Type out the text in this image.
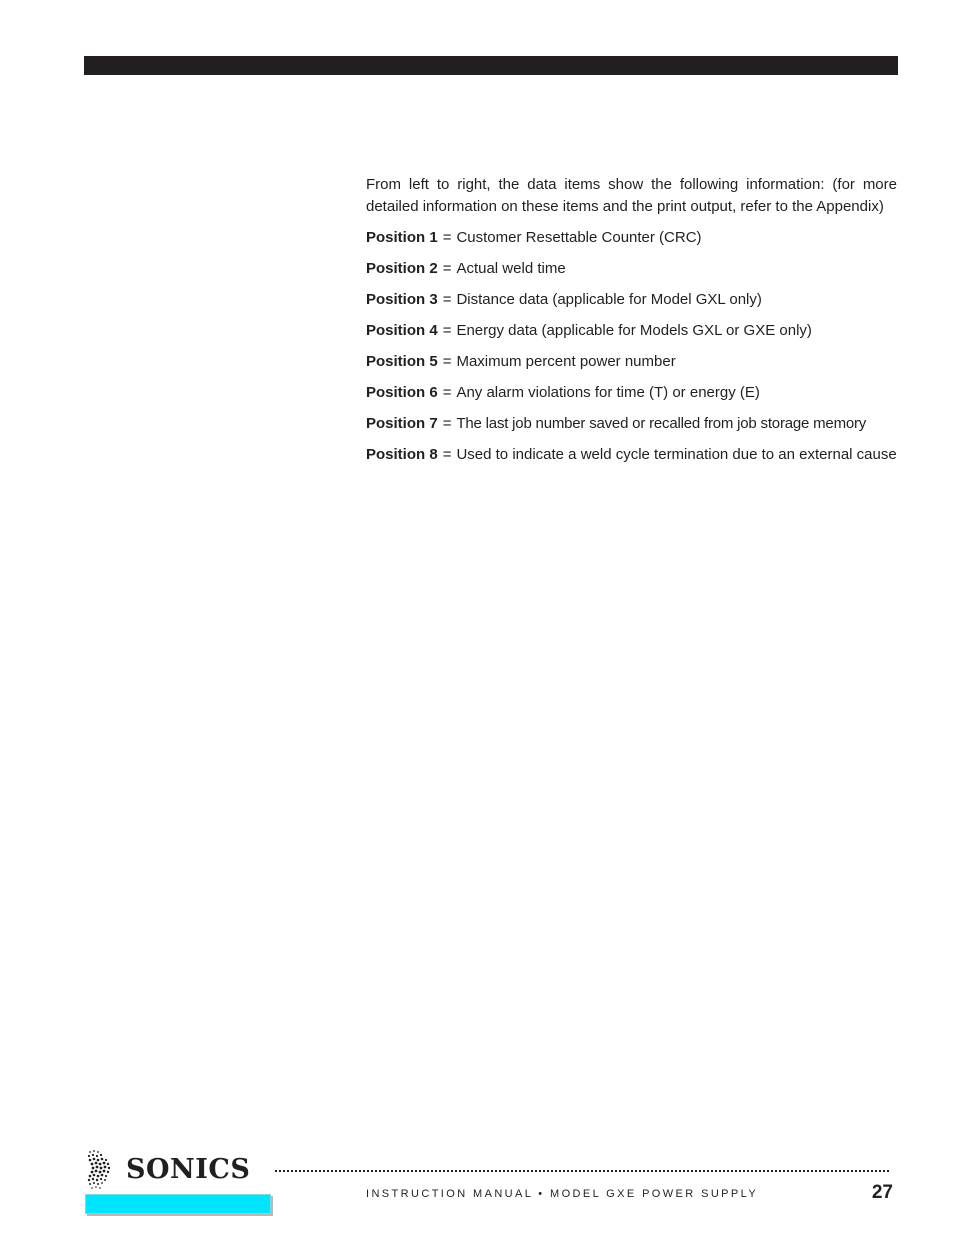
From left to right, the data items show the following information: (for more detailed information on these items and the print output, refer to the Appendix)

Position 1 = Customer Resettable Counter (CRC)
Position 2 = Actual weld time
Position 3 = Distance data (applicable for Model GXL only)
Position 4 = Energy data (applicable for Models GXL or GXE only)
Position 5 = Maximum percent power number
Position 6 = Any alarm violations for time (T) or energy (E)
Position 7 = The last job number saved or recalled from job storage memory
Position 8 = Used to indicate a weld cycle termination due to an external cause
SONICS
INSTRUCTION MANUAL • MODEL GXE POWER SUPPLY	27
